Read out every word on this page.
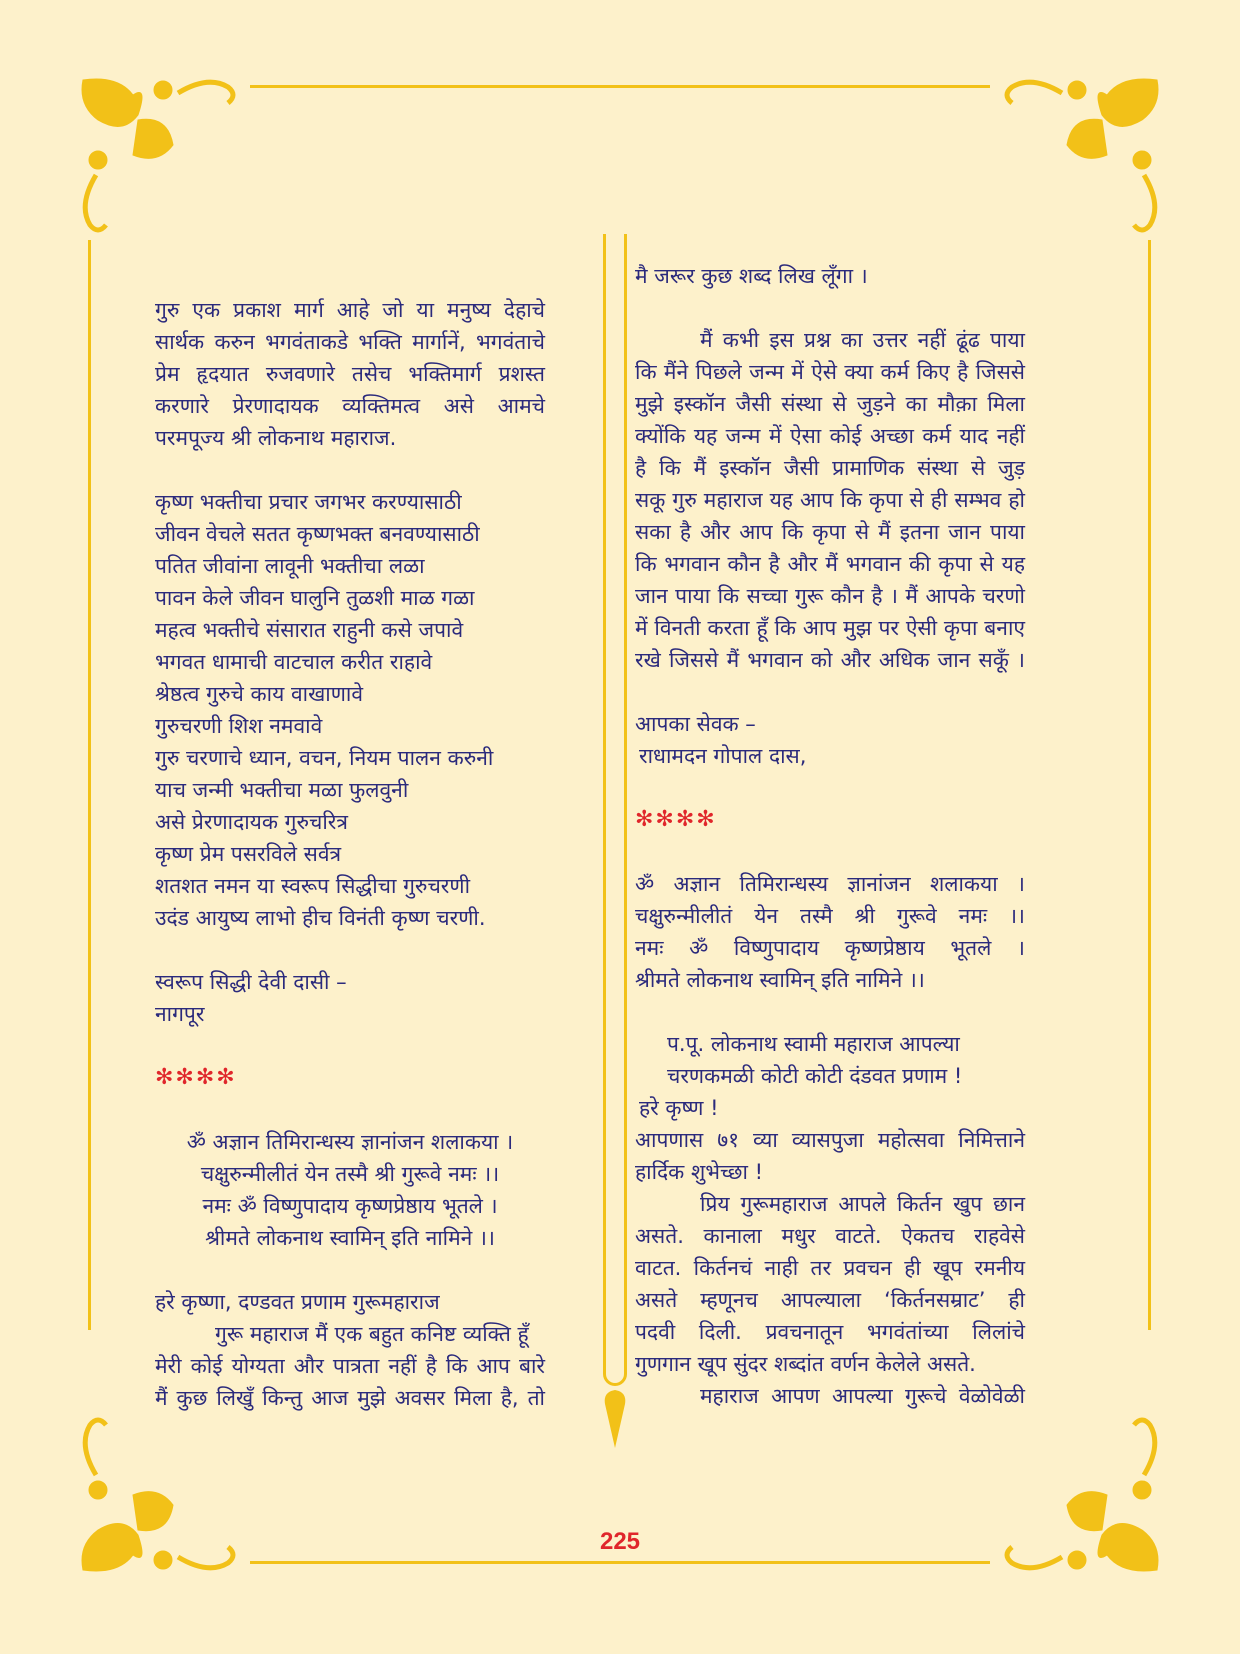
गुरु एक प्रकाश मार्ग आहे जो या मनुष्य देहाचे
सार्थक करुन भगवंताकडे भक्ति मार्गानें, भगवंताचे
प्रेम हृदयात रुजवणारे तसेच भक्तिमार्ग प्रशस्त
करणारे प्रेरणादायक व्यक्तिमत्व असे आमचे
परमपूज्य श्री लोकनाथ महाराज.
कृष्ण भक्तीचा प्रचार जगभर करण्यासाठी
जीवन वेचले सतत कृष्णभक्त बनवण्यासाठी
पतित जीवांना लावूनी भक्तीचा लळा
पावन केले जीवन घालुनि तुळशी माळ गळा
महत्व भक्तीचे संसारात राहुनी कसे जपावे
भगवत धामाची वाटचाल करीत राहावे
श्रेष्ठत्व गुरुचे काय वाखाणावे
गुरुचरणी शिश नमवावे
गुरु चरणाचे ध्यान, वचन, नियम पालन करुनी
याच जन्मी भक्तीचा मळा फुलवुनी
असे प्रेरणादायक गुरुचरित्र
कृष्ण प्रेम पसरविले सर्वत्र
शतशत नमन या स्वरूप सिद्धीचा गुरुचरणी
उदंड आयुष्य लाभो हीच विनंती कृष्ण चरणी.
स्वरूप सिद्धी देवी दासी –
नागपूर
✻✻✻✻
ॐ अज्ञान तिमिरान्धस्य ज्ञानांजन शलाकया ।
चक्षुरुन्मीलीतं येन तस्मै श्री गुरूवे नमः ।।
नमः ॐ विष्णुपादाय कृष्णप्रेष्ठाय भूतले ।
श्रीमते लोकनाथ स्वामिन् इति नामिने ।।
हरे कृष्णा, दण्डवत प्रणाम गुरूमहाराज
गुरू महाराज मैं एक बहुत कनिष्ट व्यक्ति हूँ
मेरी कोई योग्यता और पात्रता नहीं है कि आप बारे
मैं कुछ लिखुँ किन्तु आज मुझे अवसर मिला है, तो
मै जरूर कुछ शब्द लिख लूँगा ।
मैं कभी इस प्रश्न का उत्तर नहीं ढूंढ पाया
कि मैंने पिछले जन्म में ऐसे क्या कर्म किए है जिससे
मुझे इस्कॉन जैसी संस्था से जुड़ने का मौक़ा मिला
क्योंकि यह जन्म में ऐसा कोई अच्छा कर्म याद नहीं
है कि मैं इस्कॉन जैसी प्रामाणिक संस्था से जुड़
सकू गुरु महाराज यह आप कि कृपा से ही सम्भव हो
सका है और आप कि कृपा से मैं इतना जान पाया
कि भगवान कौन है और मैं भगवान की कृपा से यह
जान पाया कि सच्चा गुरू कौन है । मैं आपके चरणो
में विनती करता हूँ कि आप मुझ पर ऐसी कृपा बनाए
रखे जिससे मैं भगवान को और अधिक जान सकूँ ।
आपका सेवक –
राधामदन गोपाल दास,
✻✻✻✻
ॐ अज्ञान तिमिरान्धस्य ज्ञानांजन शलाकया ।
चक्षुरुन्मीलीतं येन तस्मै श्री गुरूवे नमः ।।
नमः ॐ विष्णुपादाय कृष्णप्रेष्ठाय भूतले ।
श्रीमते लोकनाथ स्वामिन् इति नामिने ।।
प.पू. लोकनाथ स्वामी महाराज आपल्या
चरणकमळी कोटी कोटी दंडवत प्रणाम !
हरे कृष्ण !
आपणास ७१ व्या व्यासपुजा महोत्सवा निमित्ताने
हार्दिक शुभेच्छा !
प्रिय गुरूमहाराज आपले किर्तन खुप छान
असते. कानाला मधुर वाटते. ऐकतच राहवेसे
वाटत. किर्तनचं नाही तर प्रवचन ही खूप रमनीय
असते म्हणूनच आपल्याला ‘किर्तनसम्राट’ ही
पदवी दिली. प्रवचनातून भगवंतांच्या लिलांचे
गुणगान खूप सुंदर शब्दांत वर्णन केलेले असते.
महाराज आपण आपल्या गुरूचे वेळोवेळी
225
